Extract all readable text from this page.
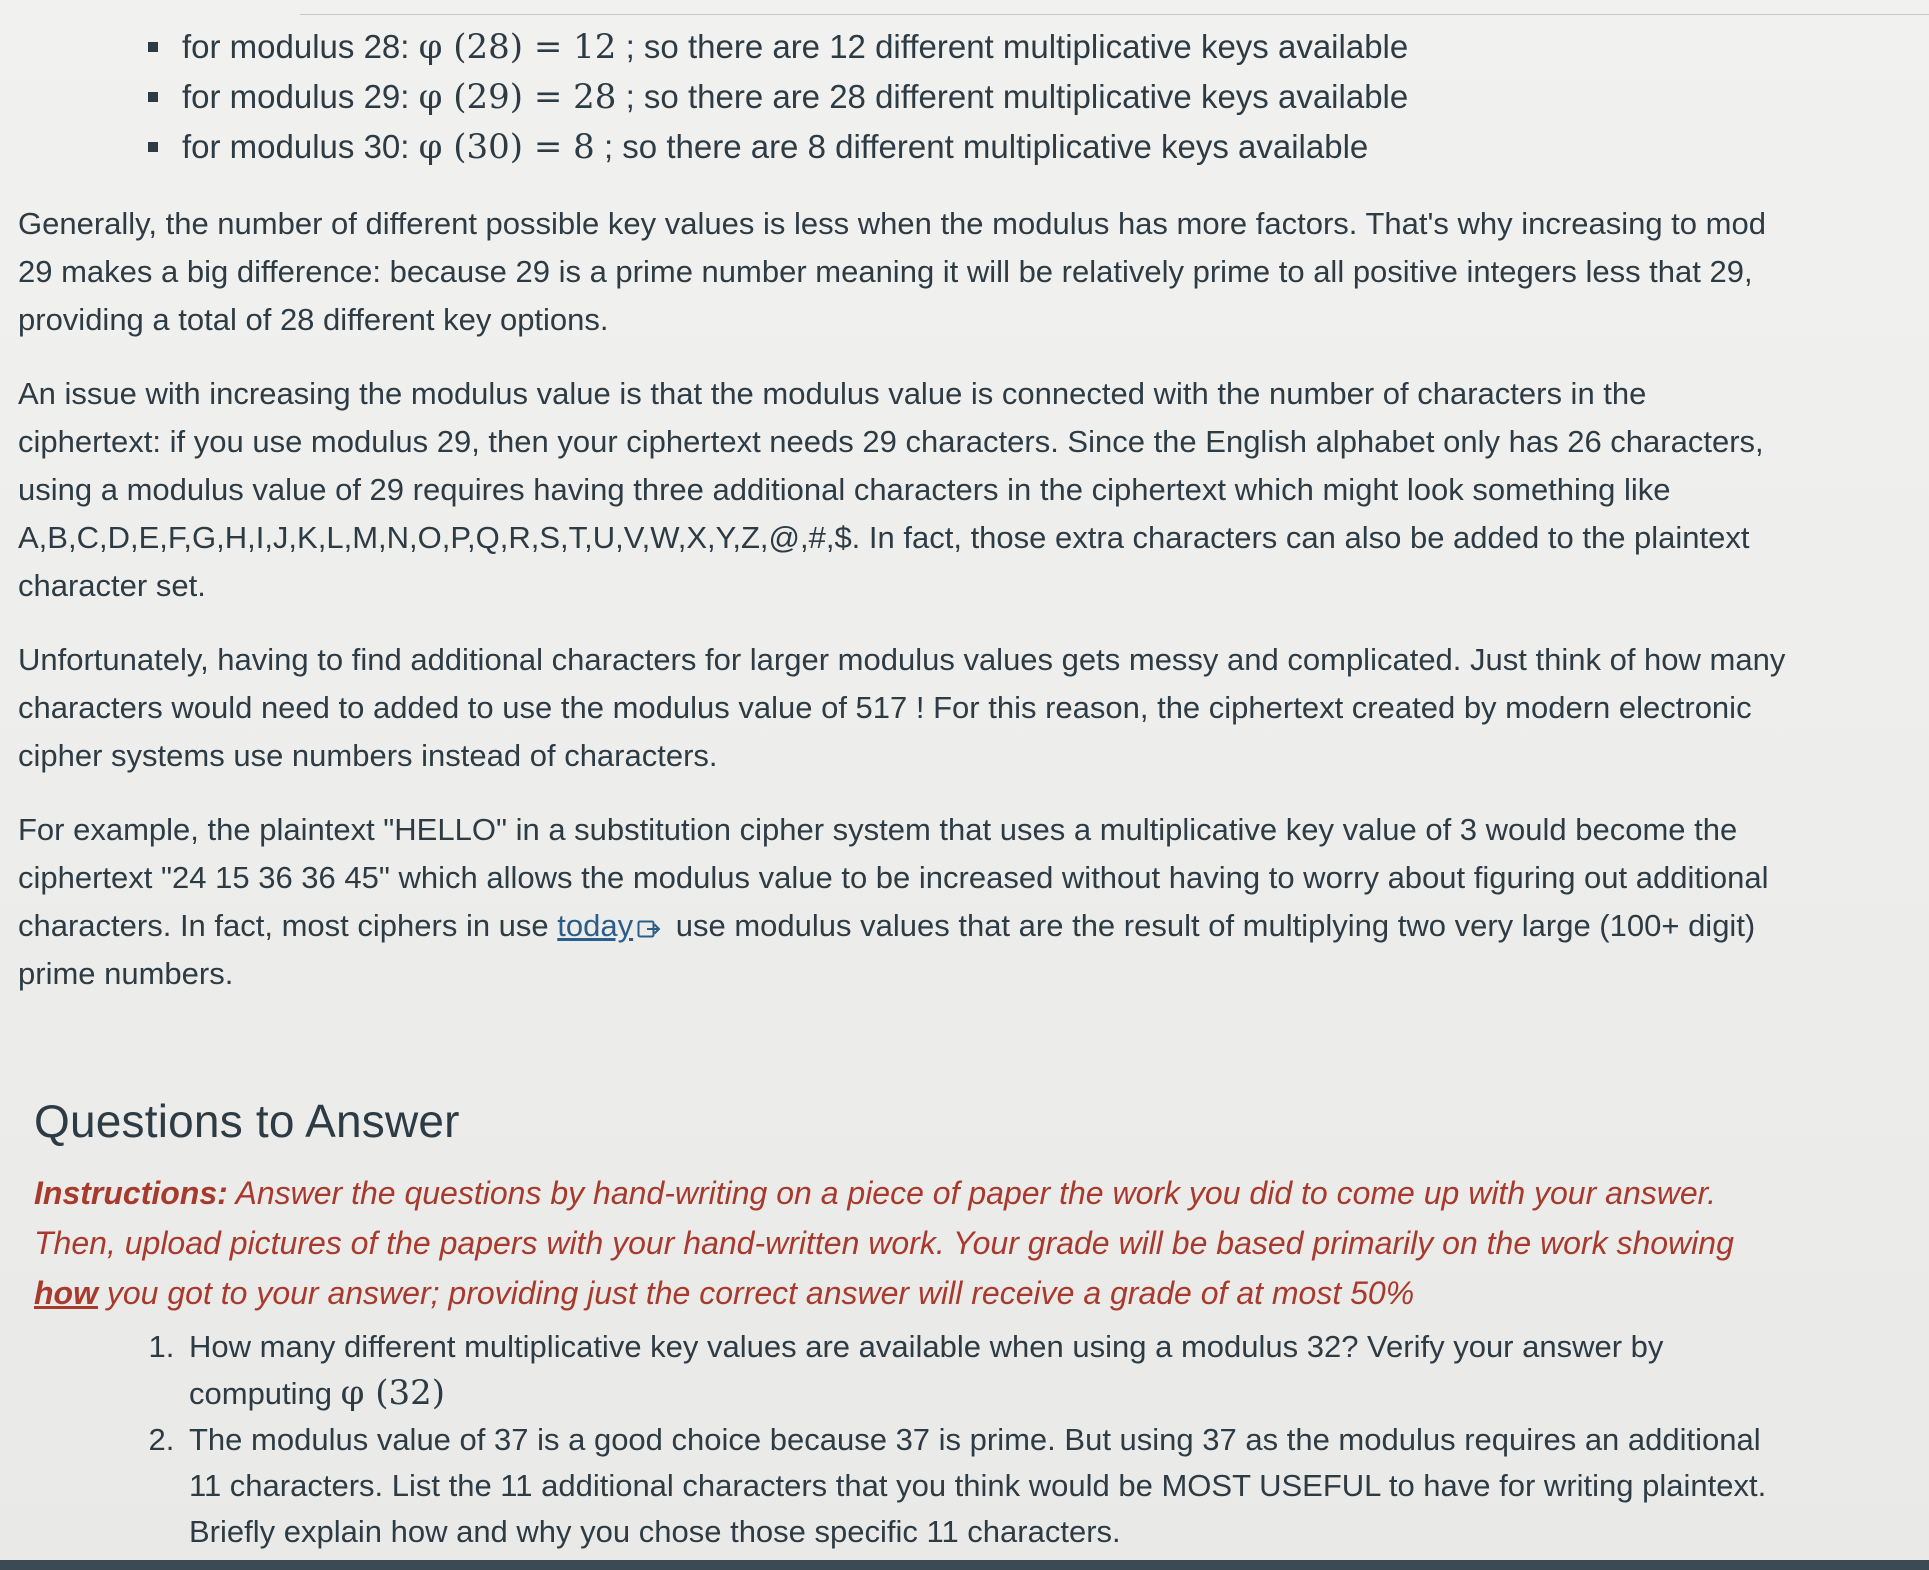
for modulus 28: φ (28) = 12 ; so there are 12 different multiplicative keys available
for modulus 29: φ (29) = 28 ; so there are 28 different multiplicative keys available
for modulus 30: φ (30) = 8 ; so there are 8 different multiplicative keys available

Generally, the number of different possible key values is less when the modulus has more factors. That's why increasing to mod 29 makes a big difference: because 29 is a prime number meaning it will be relatively prime to all positive integers less that 29, providing a total of 28 different key options.

An issue with increasing the modulus value is that the modulus value is connected with the number of characters in the ciphertext: if you use modulus 29, then your ciphertext needs 29 characters. Since the English alphabet only has 26 characters, using a modulus value of 29 requires having three additional characters in the ciphertext which might look something like A,B,C,D,E,F,G,H,I,J,K,L,M,N,O,P,Q,R,S,T,U,V,W,X,Y,Z,@,#,$. In fact, those extra characters can also be added to the plaintext character set.

Unfortunately, having to find additional characters for larger modulus values gets messy and complicated. Just think of how many characters would need to added to use the modulus value of 517 ! For this reason, the ciphertext created by modern electronic cipher systems use numbers instead of characters.

For example, the plaintext "HELLO" in a substitution cipher system that uses a multiplicative key value of 3 would become the ciphertext "24 15 36 36 45" which allows the modulus value to be increased without having to worry about figuring out additional characters. In fact, most ciphers in use today use modulus values that are the result of multiplying two very large (100+ digit) prime numbers.

Questions to Answer

Instructions: Answer the questions by hand-writing on a piece of paper the work you did to come up with your answer. Then, upload pictures of the papers with your hand-written work. Your grade will be based primarily on the work showing how you got to your answer; providing just the correct answer will receive a grade of at most 50%

1. How many different multiplicative key values are available when using a modulus 32? Verify your answer by computing φ (32)
2. The modulus value of 37 is a good choice because 37 is prime. But using 37 as the modulus requires an additional 11 characters. List the 11 additional characters that you think would be MOST USEFUL to have for writing plaintext. Briefly explain how and why you chose those specific 11 characters.
